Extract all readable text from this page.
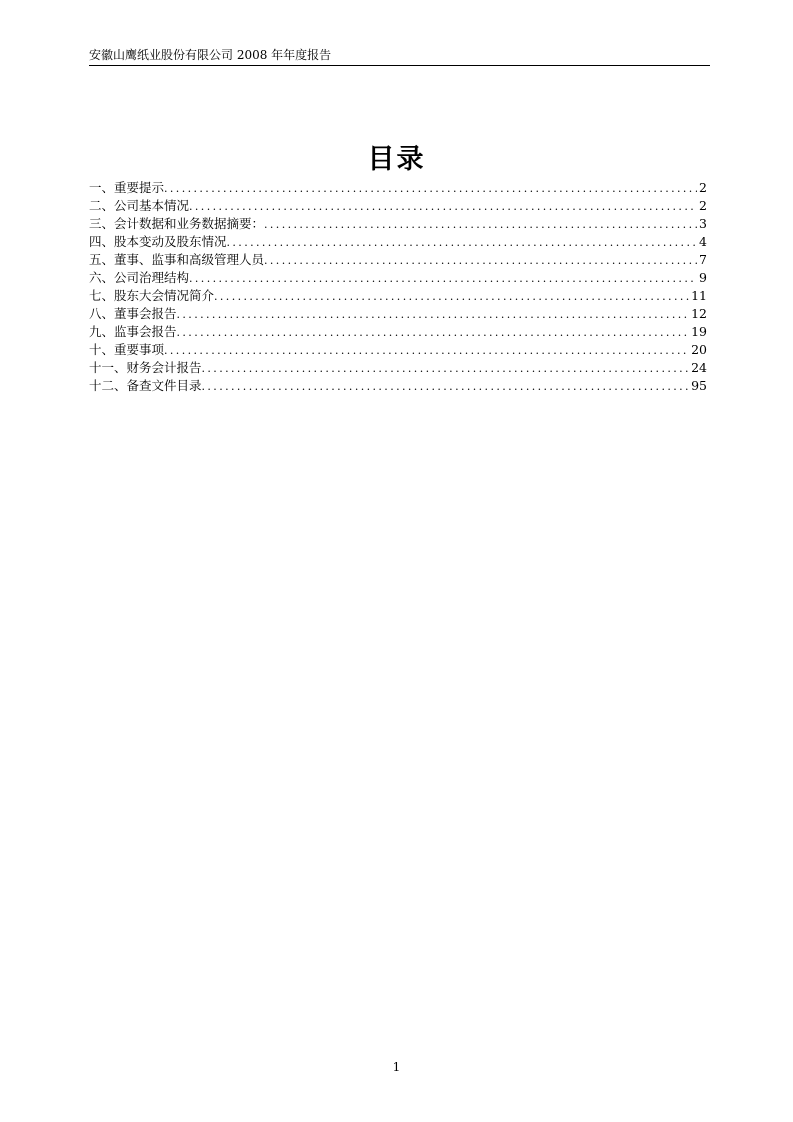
安徽山鹰纸业股份有限公司 2008 年年度报告
目录
一、重要提示 .....	2
二、公司基本情况 .....	2
三、会计数据和业务数据摘要： .....	3
四、股本变动及股东情况 .....	4
五、董事、监事和高级管理人员 .....	7
六、公司治理结构 .....	9
七、股东大会情况简介 .....	11
八、董事会报告 .....	12
九、监事会报告 .....	19
十、重要事项 .....	20
十一、财务会计报告 .....	24
十二、备查文件目录 .....	95
1
